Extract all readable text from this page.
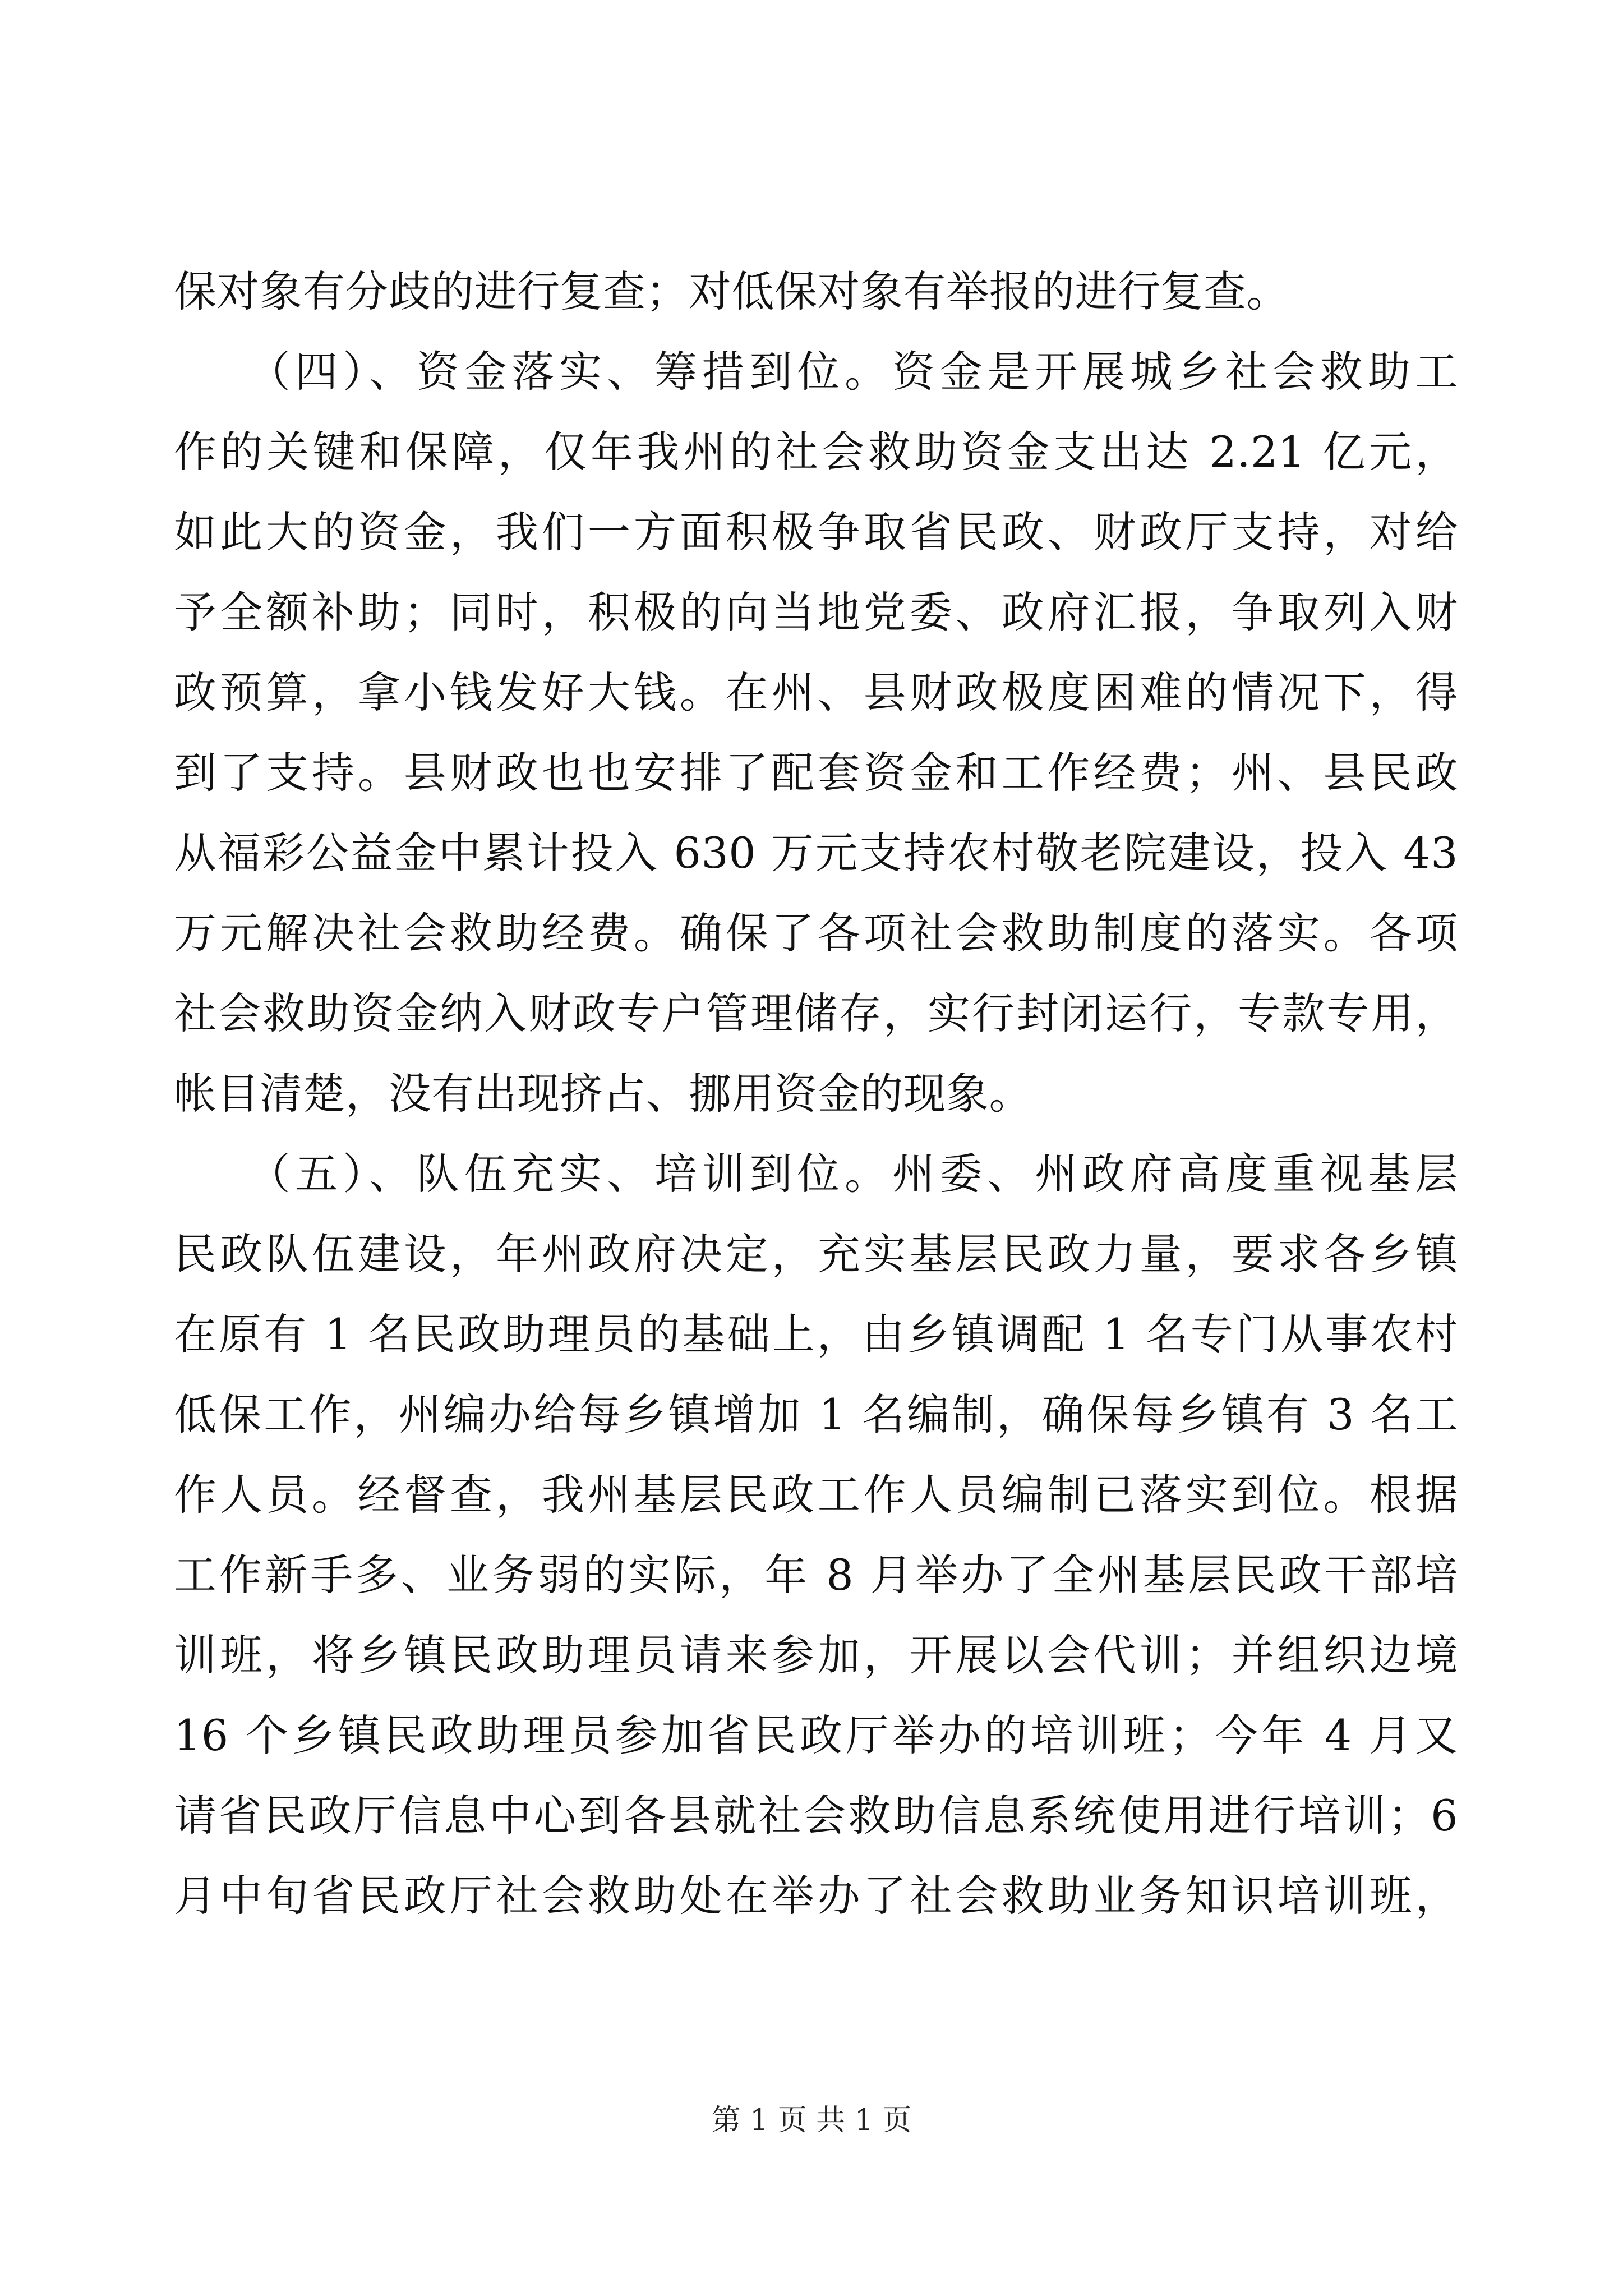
保对象有分歧的进行复查；对低保对象有举报的进行复查。
　　（四）、资金落实、筹措到位。资金是开展城乡社会救助工
作的关键和保障，仅年我州的社会救助资金支出达 2.21 亿元，
如此大的资金，我们一方面积极争取省民政、财政厅支持，对给
予全额补助；同时，积极的向当地党委、政府汇报，争取列入财
政预算，拿小钱发好大钱。在州、县财政极度困难的情况下，得
到了支持。县财政也也安排了配套资金和工作经费；州、县民政
从福彩公益金中累计投入 630 万元支持农村敬老院建设，投入 43
万元解决社会救助经费。确保了各项社会救助制度的落实。各项
社会救助资金纳入财政专户管理储存，实行封闭运行，专款专用，
帐目清楚，没有出现挤占、挪用资金的现象。
　　（五）、队伍充实、培训到位。州委、州政府高度重视基层
民政队伍建设，年州政府决定，充实基层民政力量，要求各乡镇
在原有 1 名民政助理员的基础上，由乡镇调配 1 名专门从事农村
低保工作，州编办给每乡镇增加 1 名编制，确保每乡镇有 3 名工
作人员。经督查，我州基层民政工作人员编制已落实到位。根据
工作新手多、业务弱的实际，年 8 月举办了全州基层民政干部培
训班，将乡镇民政助理员请来参加，开展以会代训；并组织边境
16 个乡镇民政助理员参加省民政厅举办的培训班；今年 4 月又
请省民政厅信息中心到各县就社会救助信息系统使用进行培训；6
月中旬省民政厅社会救助处在举办了社会救助业务知识培训班，
第 1 页 共 1 页
